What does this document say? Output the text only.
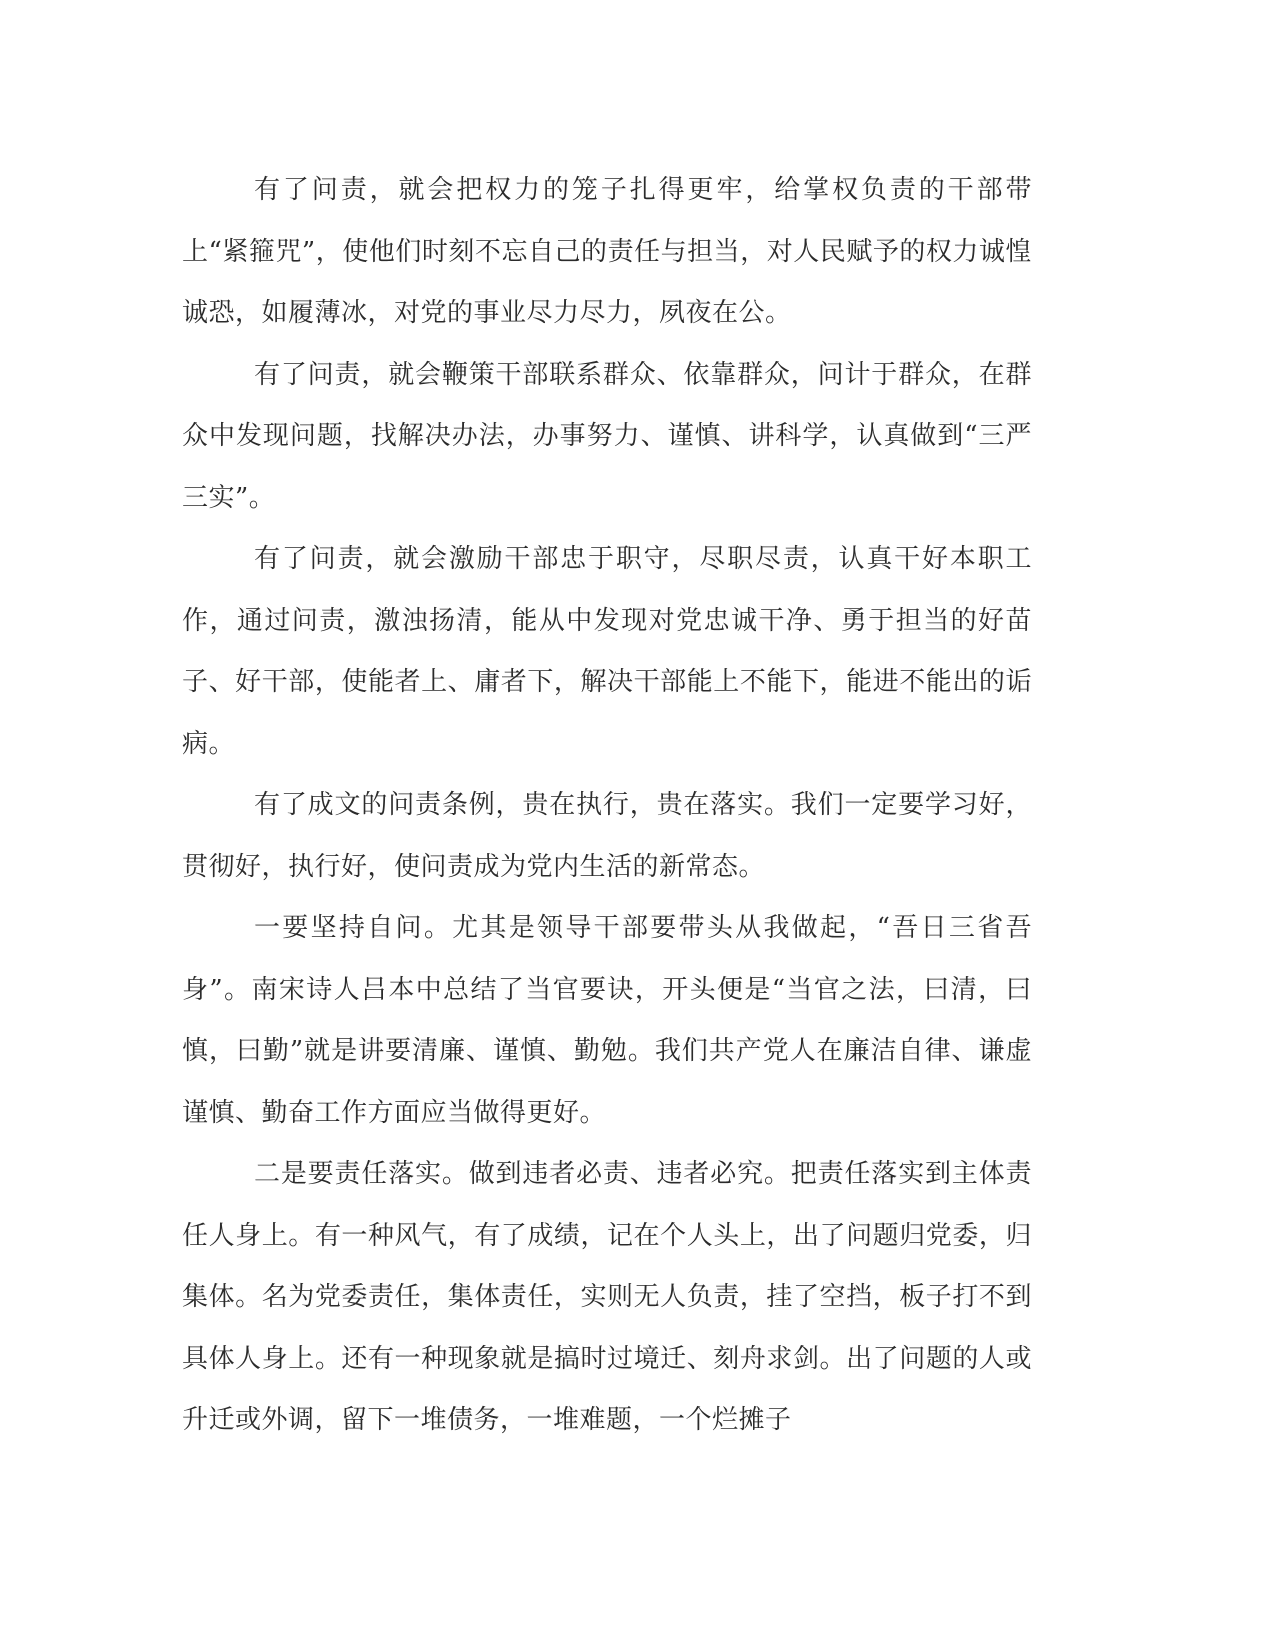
有了问责，就会把权力的笼子扎得更牢，给掌权负责的干部带上“紧箍咒”，使他们时刻不忘自己的责任与担当，对人民赋予的权力诚惶诚恐，如履薄冰，对党的事业尽力尽力，夙夜在公。

有了问责，就会鞭策干部联系群众、依靠群众，问计于群众，在群众中发现问题，找解决办法，办事努力、谨慎、讲科学，认真做到“三严三实”。

有了问责，就会激励干部忠于职守，尽职尽责，认真干好本职工作，通过问责，激浊扬清，能从中发现对党忠诚干净、勇于担当的好苗子、好干部，使能者上、庸者下，解决干部能上不能下，能进不能出的诟病。

有了成文的问责条例，贵在执行，贵在落实。我们一定要学习好，贯彻好，执行好，使问责成为党内生活的新常态。

一要坚持自问。尤其是领导干部要带头从我做起，“吾日三省吾身”。南宋诗人吕本中总结了当官要诀，开头便是“当官之法，曰清，曰慎，曰勤”就是讲要清廉、谨慎、勤勉。我们共产党人在廉洁自律、谦虚谨慎、勤奋工作方面应当做得更好。

二是要责任落实。做到违者必责、违者必究。把责任落实到主体责任人身上。有一种风气，有了成绩，记在个人头上，出了问题归党委，归集体。名为党委责任，集体责任，实则无人负责，挂了空挡，板子打不到具体人身上。还有一种现象就是搞时过境迁、刻舟求剑。出了问题的人或升迁或外调，留下一堆债务，一堆难题，一个烂摊子
